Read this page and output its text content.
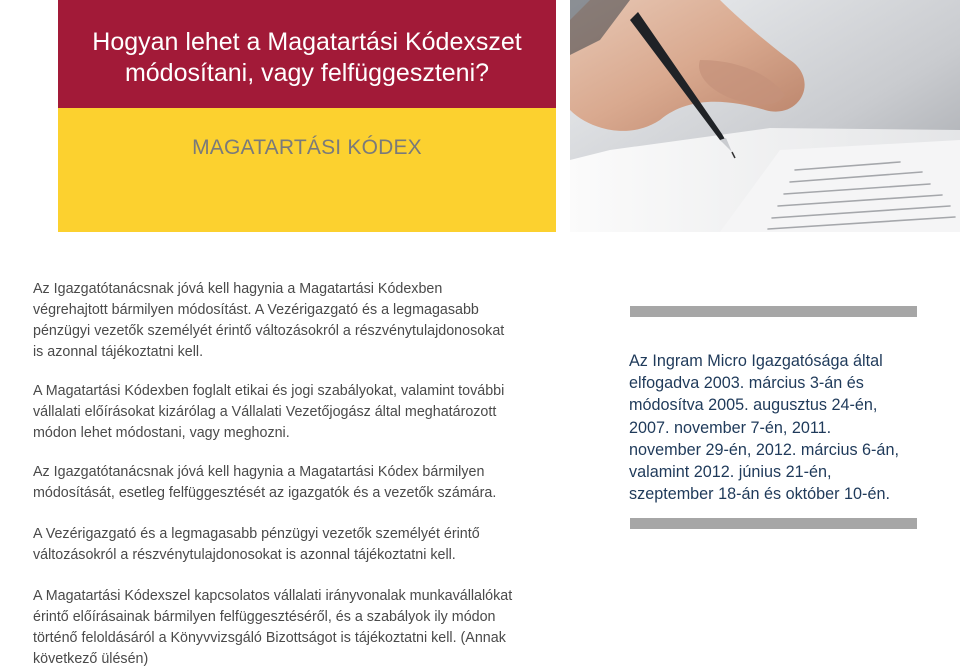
Hogyan lehet a Magatartási Kódexszet
módosítani, vagy felfüggeszteni?
MAGATARTÁSI KÓDEX

Az Igazgatótanácsnak jóvá kell hagynia a Magatartási Kódexben
végrehajtott bármilyen módosítást. A Vezérigazgató és a legmagasabb
pénzügyi vezetők személyét érintő változásokról a részvénytulajdonosokat
is azonnal tájékoztatni kell.

A Magatartási Kódexben foglalt etikai és jogi szabályokat, valamint további
vállalati előírásokat kizárólag a Vállalati Vezetőjogász által meghatározott
módon lehet módostani, vagy meghozni.

Az Igazgatótanácsnak jóvá kell hagynia a Magatartási Kódex bármilyen
módosítását, esetleg felfüggesztését az igazgatók és a vezetők számára.

A Vezérigazgató és a legmagasabb pénzügyi vezetők személyét érintő
változásokról a részvénytulajdonosokat is azonnal tájékoztatni kell.

A Magatartási Kódexszel kapcsolatos vállalati irányvonalak munkavállalókat
érintő előírásainak bármilyen felfüggesztéséről, és a szabályok ily módon
történő feloldásáról a Könyvvizsgáló Bizottságot is tájékoztatni kell. (Annak
következő ülésén)

Az Ingram Micro Igazgatósága által
elfogadva 2003. március 3-án és
módosítva 2005. augusztus 24-én,
2007. november 7-én, 2011.
november 29-én, 2012. március 6-án,
valamint 2012. június 21-én,
szeptember 18-án és október 10-én.
